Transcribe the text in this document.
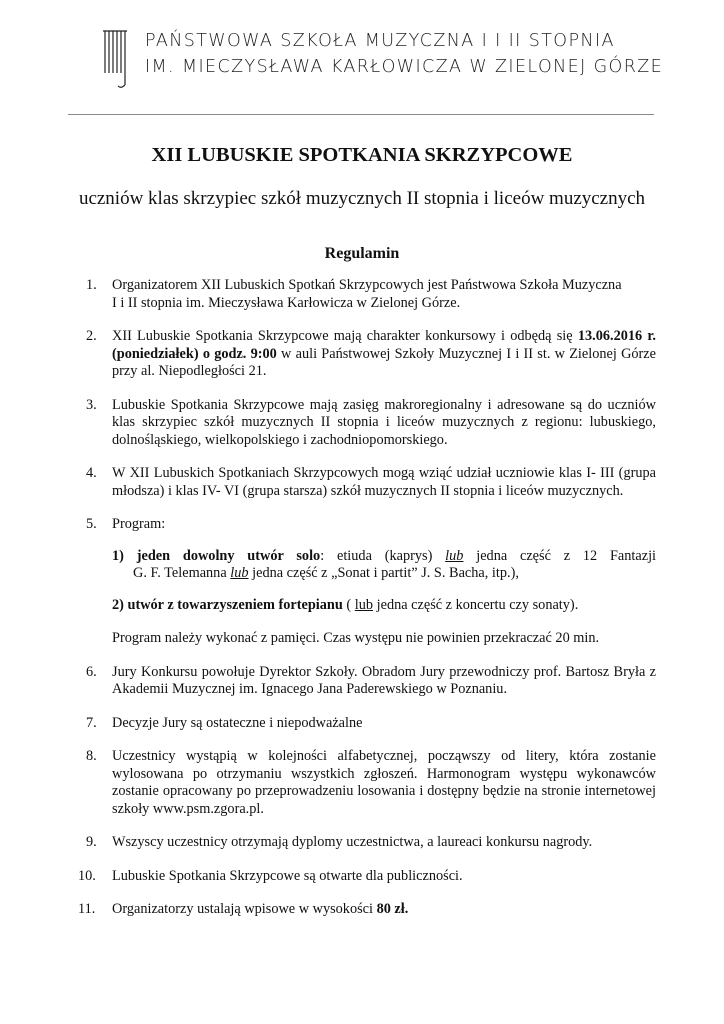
PAŃSTWOWA SZKOŁA MUZYCZNA I I II STOPNIA
IM. MIECZYSŁAWA KARŁOWICZA W ZIELONEJ GÓRZE
XII LUBUSKIE SPOTKANIA SKRZYPCOWE
uczniów klas skrzypiec szkół muzycznych II stopnia i liceów muzycznych
Regulamin
1. Organizatorem XII Lubuskich Spotkań Skrzypcowych jest Państwowa Szkoła Muzyczna
I i II stopnia im. Mieczysława Karłowicza w Zielonej Górze.
2. XII Lubuskie Spotkania Skrzypcowe mają charakter konkursowy i odbędą się 13.06.2016 r. (poniedziałek) o godz. 9:00 w auli Państwowej Szkoły Muzycznej I i II st. w Zielonej Górze przy al. Niepodległości 21.
3. Lubuskie Spotkania Skrzypcowe mają zasięg makroregionalny i adresowane są do uczniów klas skrzypiec szkół muzycznych II stopnia i liceów muzycznych z regionu: lubuskiego, dolnośląskiego, wielkopolskiego i zachodniopomorskiego.
4. W XII Lubuskich Spotkaniach Skrzypcowych mogą wziąć udział uczniowie klas I- III (grupa młodsza) i klas IV- VI (grupa starsza) szkół muzycznych II stopnia i liceów muzycznych.
5. Program:
1) jeden dowolny utwór solo: etiuda (kaprys) lub jedna część z 12 Fantazji
G. F. Telemanna lub jedna część z „Sonat i partit” J. S. Bacha, itp.),
2) utwór z towarzyszeniem fortepianu ( lub jedna część z koncertu czy sonaty).
Program należy wykonać z pamięci. Czas występu nie powinien przekraczać 20 min.
6. Jury Konkursu powołuje Dyrektor Szkoły. Obradom Jury przewodniczy prof. Bartosz Bryła z Akademii Muzycznej im. Ignacego Jana Paderewskiego w Poznaniu.
7. Decyzje Jury są ostateczne i niepodważalne
8. Uczestnicy wystąpią w kolejności alfabetycznej, począwszy od litery, która zostanie wylosowana po otrzymaniu wszystkich zgłoszeń. Harmonogram występu wykonawców zostanie opracowany po przeprowadzeniu losowania i dostępny będzie na stronie internetowej szkoły www.psm.zgora.pl.
9. Wszyscy uczestnicy otrzymają dyplomy uczestnictwa, a laureaci konkursu nagrody.
10. Lubuskie Spotkania Skrzypcowe są otwarte dla publiczności.
11. Organizatorzy ustalają wpisowe w wysokości 80 zł.
